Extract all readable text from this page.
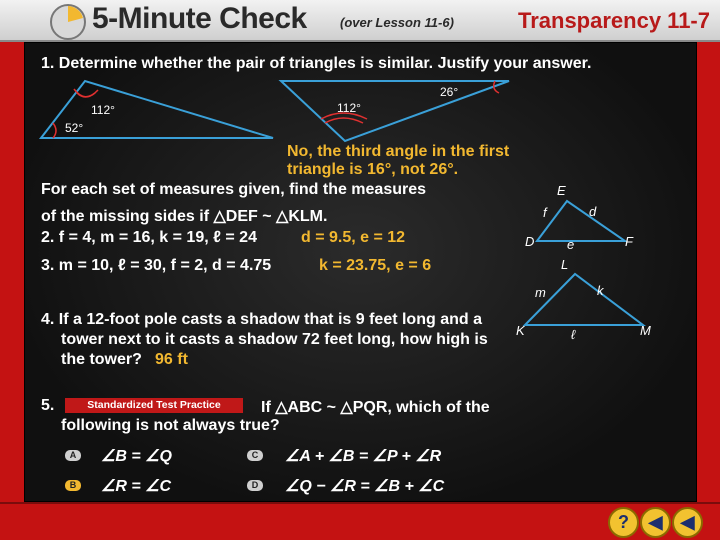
5-Minute Check	(over Lesson 11-6)	Transparency 11-7
1. Determine whether the pair of triangles is similar. Justify your answer.
112°
52°
26°
112°
No, the third angle in the first
triangle is 16°, not 26°.
For each set of measures given, find the measures
of the missing sides if △DEF ~ △KLM.
2. f = 4, m = 16, k = 19, ℓ = 24	d = 9.5, e = 12
3. m = 10, ℓ = 30, f = 2, d = 4.75	k = 23.75, e = 6
E
f	d
D	e	F
L
m	k
K	ℓ	M
4. If a 12-foot pole casts a shadow that is 9 feet long and a
tower next to it casts a shadow 72 feet long, how high is
the tower? 96 ft
5.	Standardized Test Practice	If △ABC ~ △PQR, which of the
following is not always true?
A ∠B = ∠Q
B ∠R = ∠C
C ∠A + ∠B = ∠P + ∠R
D ∠Q − ∠R = ∠B + ∠C
?	◀	◀
